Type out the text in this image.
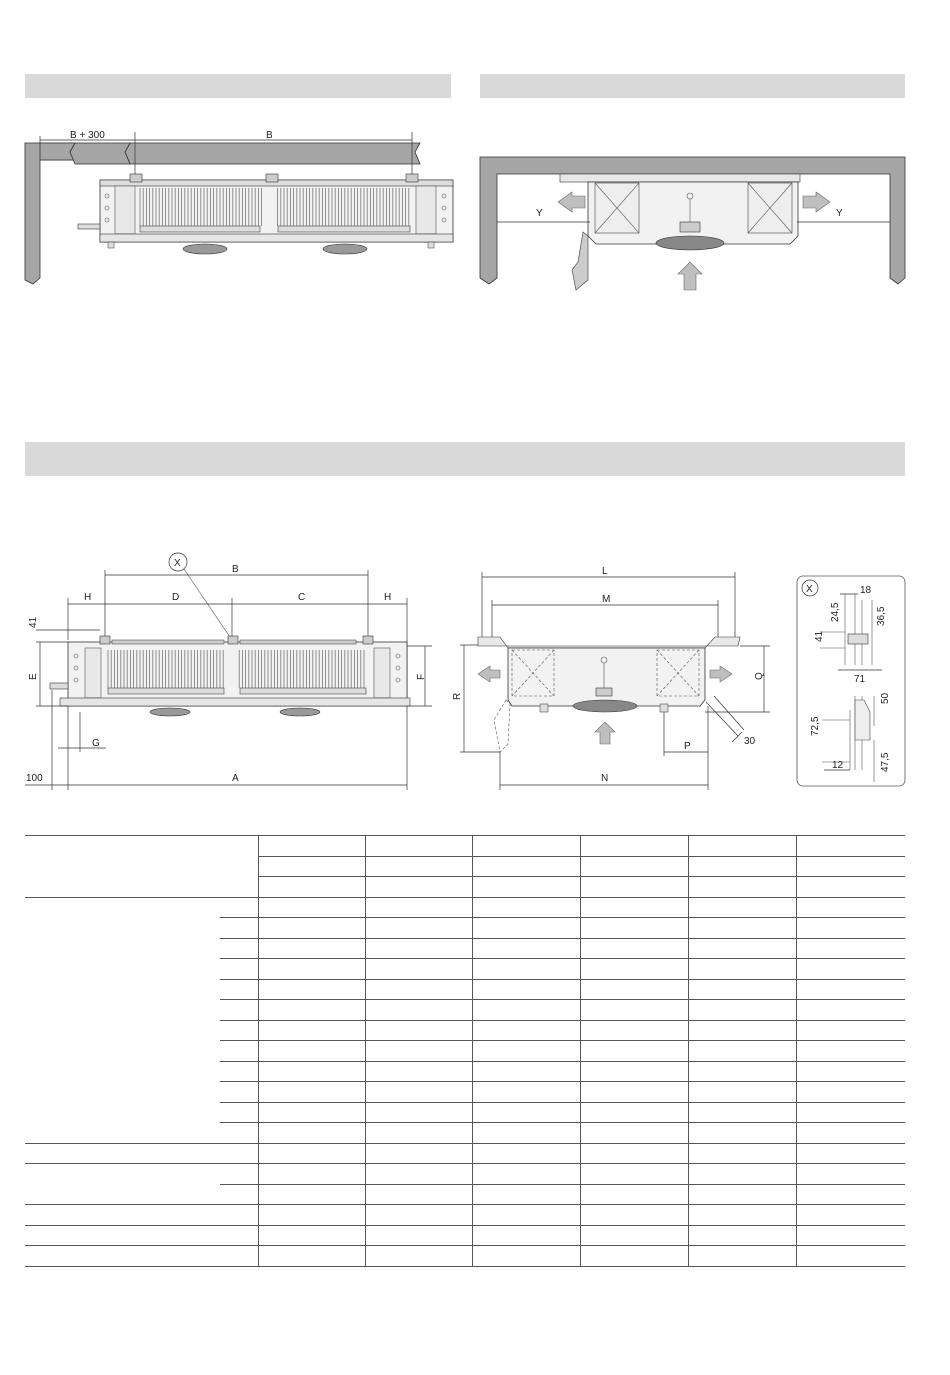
B + 300	B
Y	Y
X
B
H	D	C	H
41
E	F
G
100	A
L
M
R
Q
P	30
N
X	18
24,5	36,5
41
71
50
72,5
12	47,5
